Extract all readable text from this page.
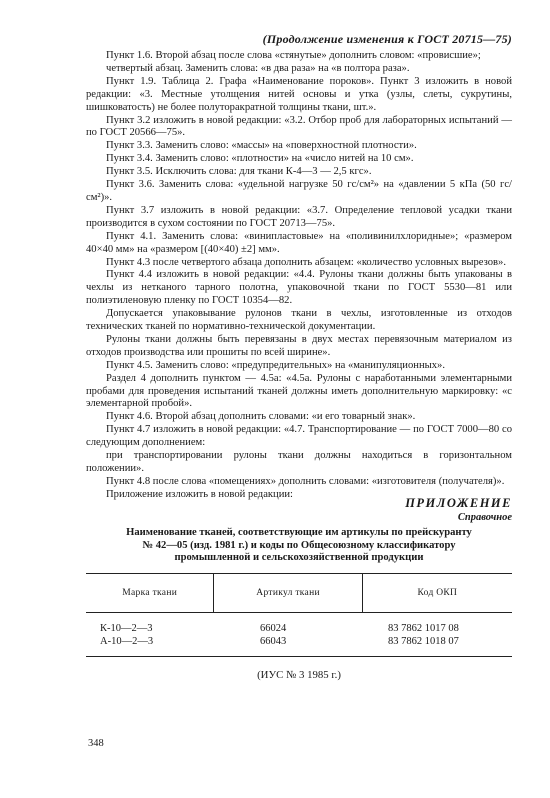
(Продолжение изменения к ГОСТ 20715—75)

Пункт 1.6. Второй абзац после слова «стянутые» дополнить словом: «провисшие»;

четвертый абзац. Заменить слова: «в два раза» на «в полтора раза».

Пункт 1.9. Таблица 2. Графа «Наименование пороков». Пункт 3 изложить в новой редакции: «3. Местные утолщения нитей основы и утка (узлы, слеты, сукрутины, шишковатость) не более полуторакратной толщины ткани, шт.».

Пункт 3.2 изложить в новой редакции: «3.2. Отбор проб для лабораторных испытаний — по ГОСТ 20566—75».

Пункт 3.3. Заменить слово: «массы» на «поверхностной плотности».

Пункт 3.4. Заменить слово: «плотности» на «число нитей на 10 см».

Пункт 3.5. Исключить слова: для ткани К-4—3 — 2,5 кгс».

Пункт 3.6. Заменить слова: «удельной нагрузке 50 гс/см²» на «давлении 5 кПа (50 гс/см²)».

Пункт 3.7 изложить в новой редакции: «3.7. Определение тепловой усадки ткани производится в сухом состоянии по ГОСТ 20713—75».

Пункт 4.1. Заменить слова: «винипластовые» на «поливинилхлоридные»; «размером 40×40 мм» на «размером [(40×40) ±2] мм».

Пункт 4.3 после четвертого абзаца дополнить абзацем: «количество условных вырезов».

Пункт 4.4 изложить в новой редакции: «4.4. Рулоны ткани должны быть упакованы в чехлы из нетканого тарного полотна, упаковочной ткани по ГОСТ 5530—81 или полиэтиленовую пленку по ГОСТ 10354—82.

Допускается упаковывание рулонов ткани в чехлы, изготовленные из отходов технических тканей по нормативно-технической документации.

Рулоны ткани должны быть перевязаны в двух местах перевязочным материалом из отходов производства или прошиты по всей ширине».

Пункт 4.5. Заменить слово: «предупредительных» на «манипуляционных».

Раздел 4 дополнить пунктом — 4.5а: «4.5а. Рулоны с наработанными элементарными пробами для проведения испытаний тканей должны иметь дополнительную маркировку: «с элементарной пробой».

Пункт 4.6. Второй абзац дополнить словами: «и его товарный знак».

Пункт 4.7 изложить в новой редакции: «4.7. Транспортирование — по ГОСТ 7000—80 со следующим дополнением:

при транспортировании рулоны ткани должны находиться в горизонтальном положении».

Пункт 4.8 после слова «помещениях» дополнить словами: «изготовителя (получателя)».

Приложение изложить в новой редакции:

ПРИЛОЖЕНИЕ
Справочное
Наименование тканей, соответствующие им артикулы по прейскуранту
№ 42—05 (изд. 1981 г.) и коды по Общесоюзному классификатору
промышленной и сельскохозяйственной продукции
Марка ткани	Артикул ткани	Код ОКП
К-10—2—3
А-10—2—3
66024
66043
83 7862 1017 08
83 7862 1018 07
(ИУС № 3 1985 г.)
348
